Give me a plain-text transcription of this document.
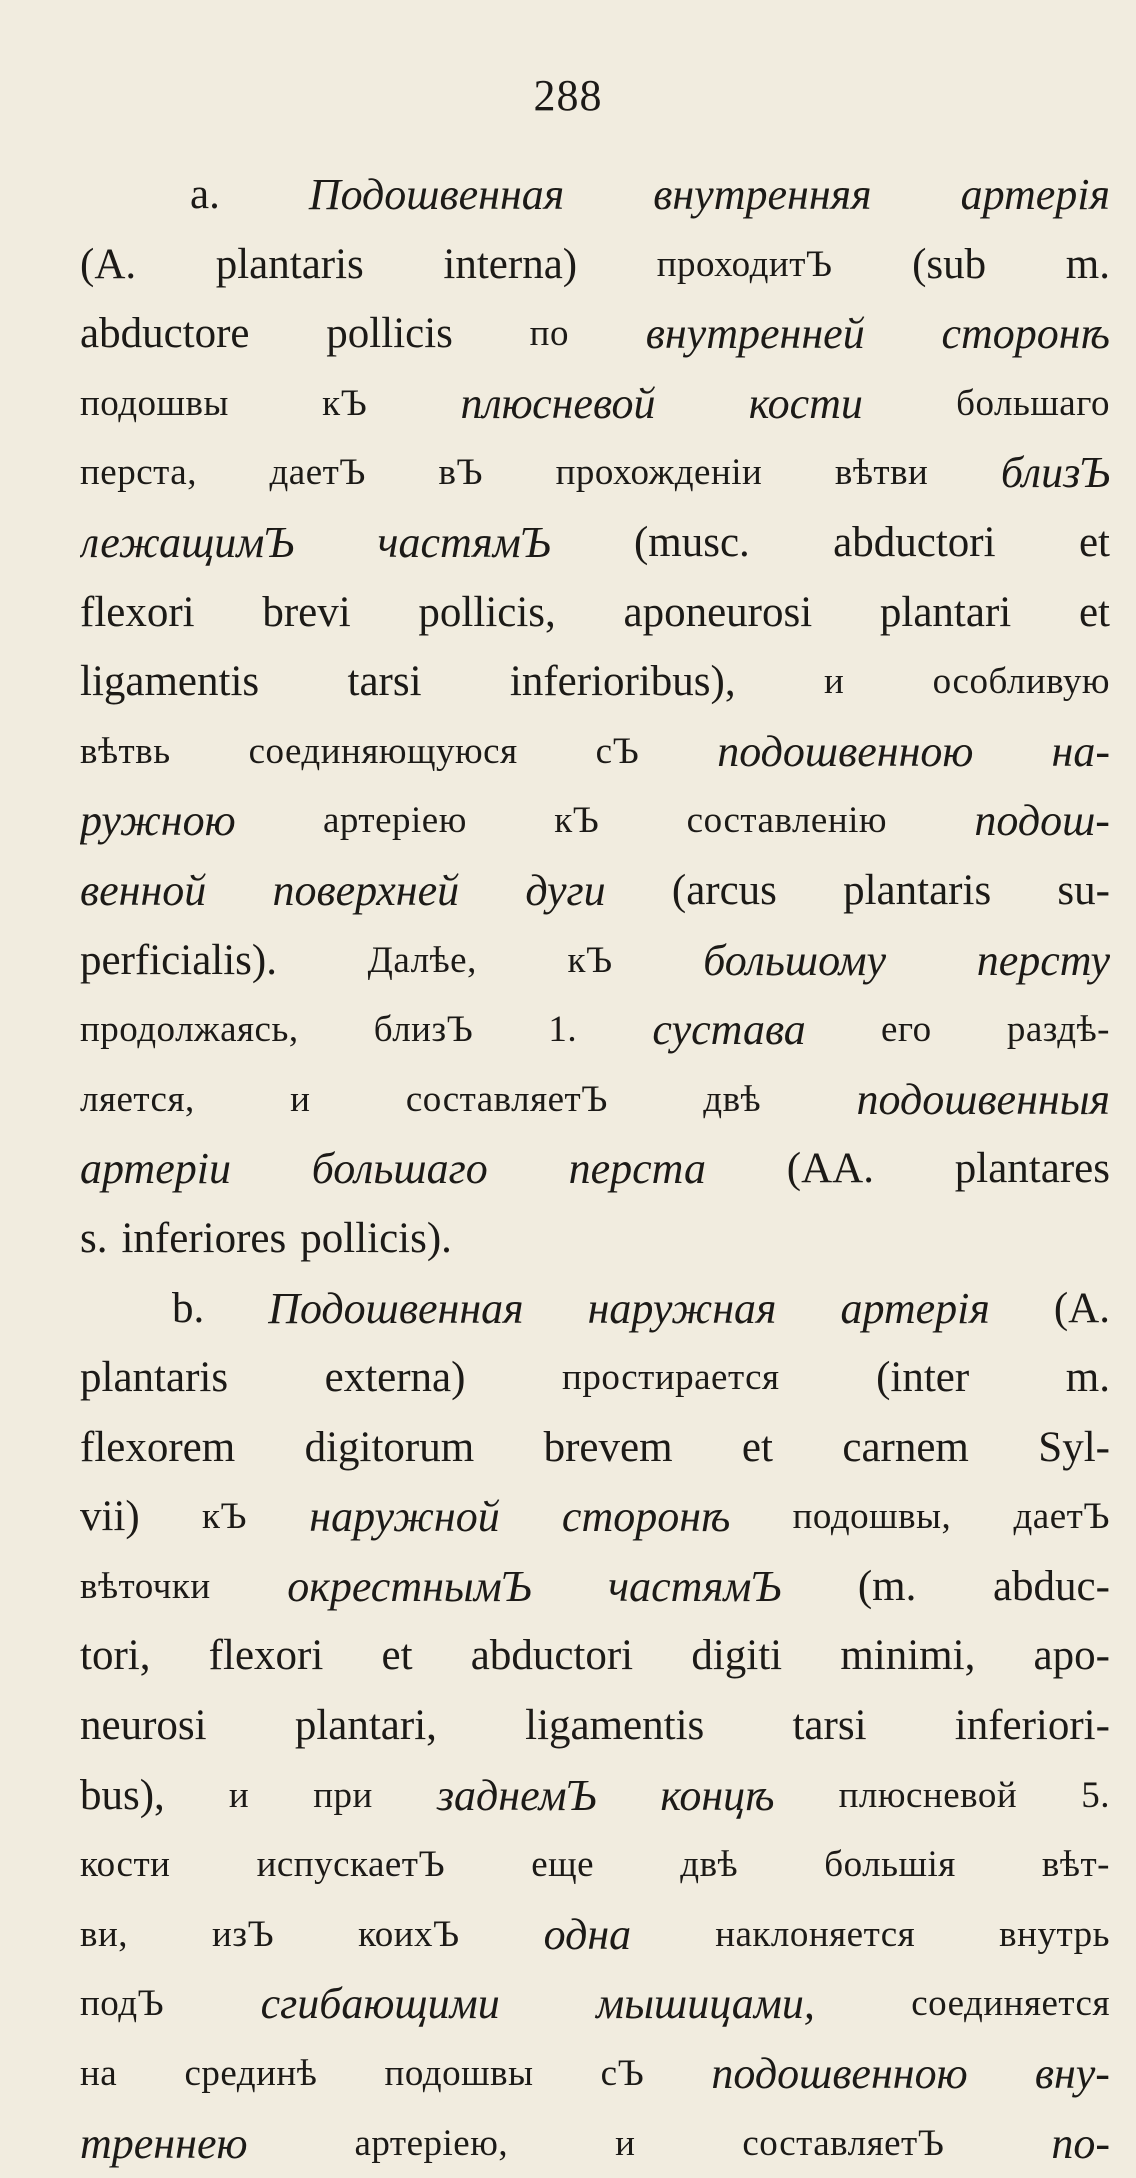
288
a. Подошвенная внутренняя артерія
(A. plantaris interna) проходитЪ (sub m.
abductore pollicis по внутренней сторонѣ
подошвы	кЪ плюсневой кости	большаго
перста, даетЪ вЪ прохожденіи вѣтви близЪ
лежащимЪ частямЪ (musc. abductori et
flexori brevi pollicis, aponeurosi plantari et
ligamentis tarsi inferioribus), и особливую
вѣтвь соединяющуюся сЪ подошвенною на-
ружною артеріею кЪ составленію подош-
венной поверхней дуги (arcus plantaris su-
perficialis). Далѣе, кЪ большому персту
продолжаясь, близЪ 1. сустава его раздѣ-
ляется,	и	составляетЪ	двѣ подошвенныя
артеріи большаго перста (AA. plantares
s. inferiores pollicis).
b. Подошвенная наружная артерія (A.
plantaris externa)	простирается (inter m.
flexorem digitorum brevem et carnem Syl-
vii) кЪ наружной сторонѣ подошвы, даетЪ
вѣточки окрестнымЪ частямЪ (m. abduc-
tori, flexori et abductori digiti minimi, apo-
neurosi plantari, ligamentis tarsi inferiori-
bus), и при заднемЪ концѣ плюсневой 5.
кости испускаетЪ еще двѣ большія вѣт-
ви, изЪ коихЪ одна наклоняется внутрь
подЪ сгибающими мышицами,	соединяется
на срединѣ подошвы сЪ подошвенною вну-
треннею	артеріею,	и	составляетЪ по-
